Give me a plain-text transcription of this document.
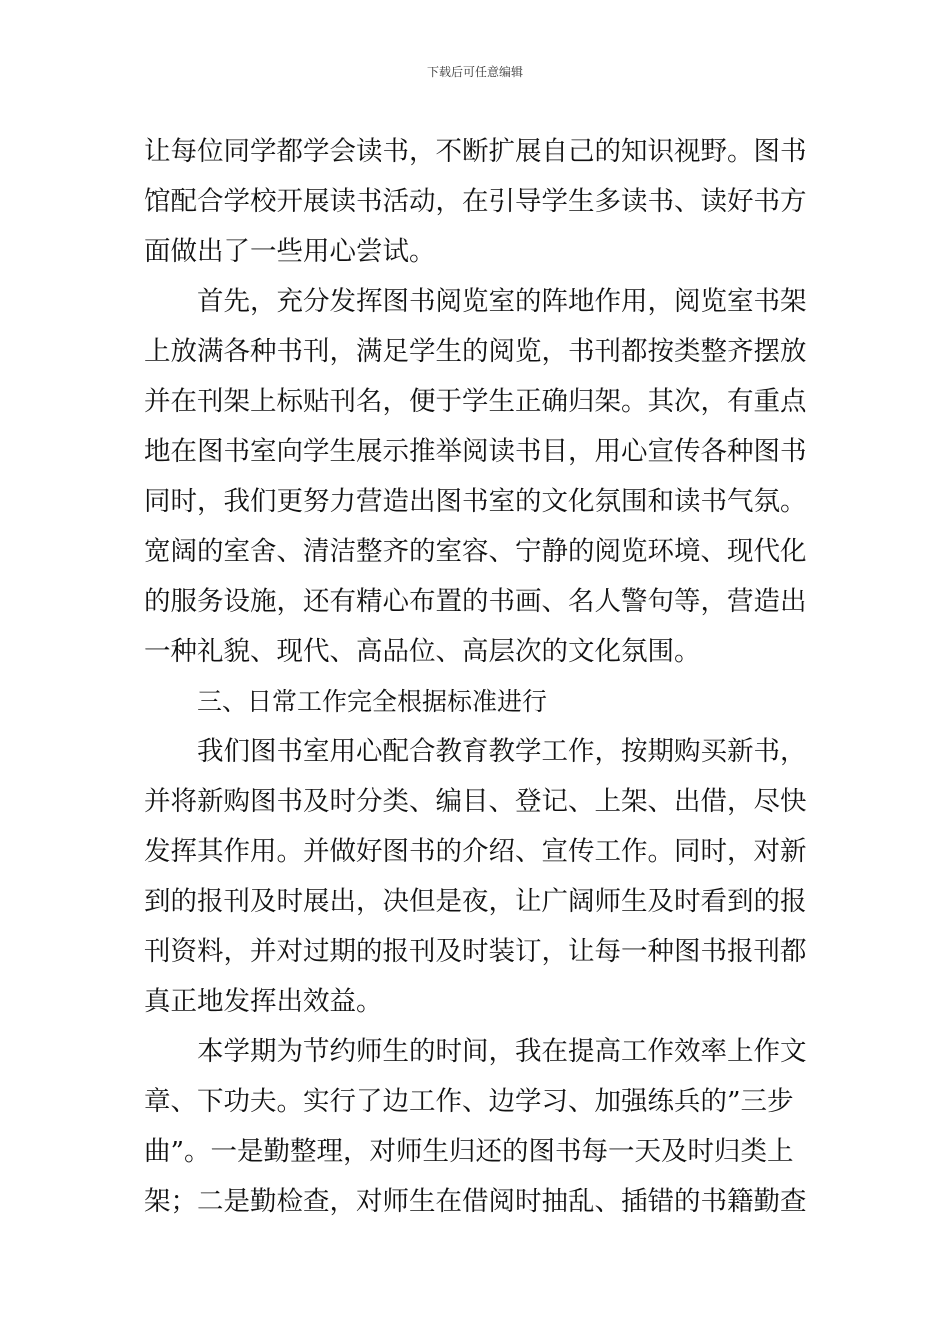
下载后可任意编辑
让每位同学都学会读书，不断扩展自己的知识视野。图书
馆配合学校开展读书活动，在引导学生多读书、读好书方
面做出了一些用心尝试。
首先，充分发挥图书阅览室的阵地作用，阅览室书架
上放满各种书刊，满足学生的阅览，书刊都按类整齐摆放
并在刊架上标贴刊名，便于学生正确归架。其次，有重点
地在图书室向学生展示推举阅读书目，用心宣传各种图书
同时，我们更努力营造出图书室的文化氛围和读书气氛。
宽阔的室舍、清洁整齐的室容、宁静的阅览环境、现代化
的服务设施，还有精心布置的书画、名人警句等，营造出
一种礼貌、现代、高品位、高层次的文化氛围。
三、日常工作完全根据标准进行
我们图书室用心配合教育教学工作，按期购买新书，
并将新购图书及时分类、编目、登记、上架、出借，尽快
发挥其作用。并做好图书的介绍、宣传工作。同时，对新
到的报刊及时展出，决但是夜，让广阔师生及时看到的报
刊资料，并对过期的报刊及时装订，让每一种图书报刊都
真正地发挥出效益。
本学期为节约师生的时间，我在提高工作效率上作文
章、下功夫。实行了边工作、边学习、加强练兵的”三步
曲”。一是勤整理，对师生归还的图书每一天及时归类上
架；二是勤检查，对师生在借阅时抽乱、插错的书籍勤查
